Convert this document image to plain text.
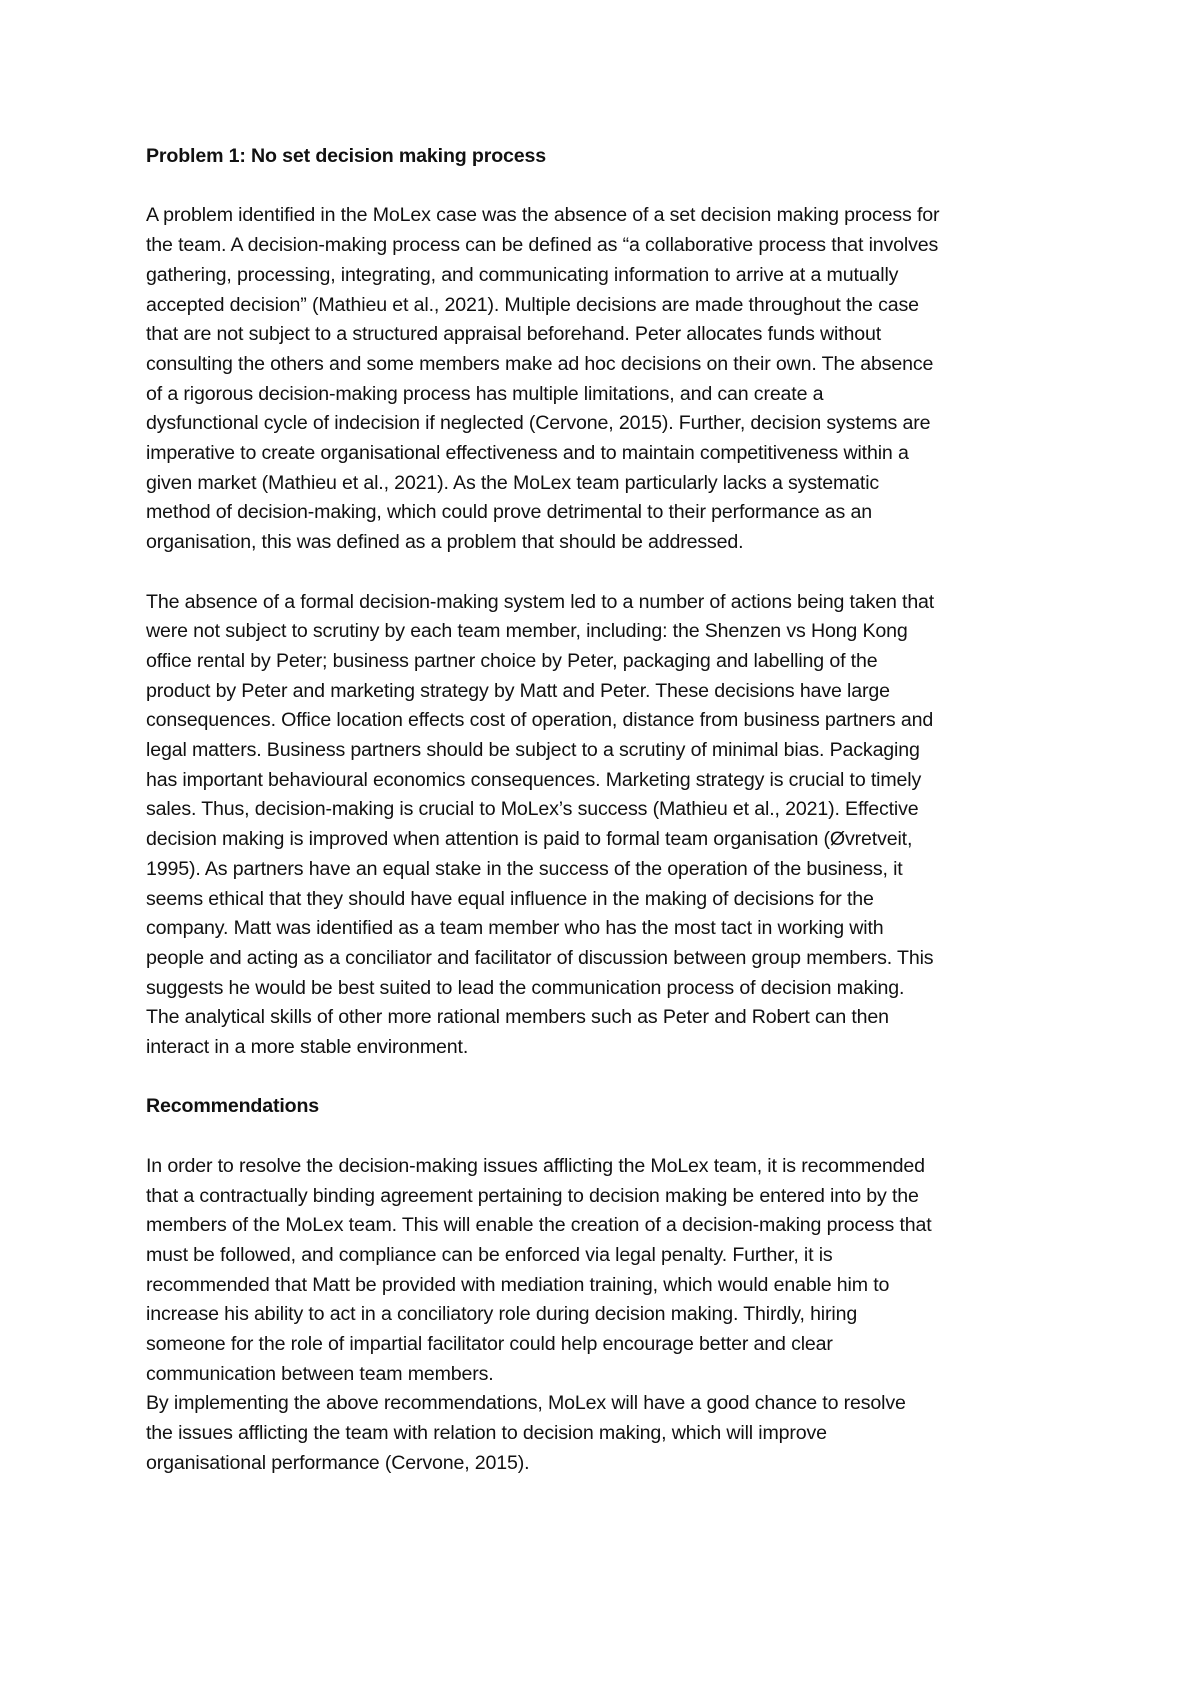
Problem 1: No set decision making process
A problem identified in the MoLex case was the absence of a set decision making process for
the team. A decision-making process can be defined as “a collaborative process that involves
gathering, processing, integrating, and communicating information to arrive at a mutually
accepted decision” (Mathieu et al., 2021). Multiple decisions are made throughout the case
that are not subject to a structured appraisal beforehand. Peter allocates funds without
consulting the others and some members make ad hoc decisions on their own. The absence
of a rigorous decision-making process has multiple limitations, and can create a
dysfunctional cycle of indecision if neglected (Cervone, 2015). Further, decision systems are
imperative to create organisational effectiveness and to maintain competitiveness within a
given market (Mathieu et al., 2021). As the MoLex team particularly lacks a systematic
method of decision-making, which could prove detrimental to their performance as an
organisation, this was defined as a problem that should be addressed.
The absence of a formal decision-making system led to a number of actions being taken that
were not subject to scrutiny by each team member, including: the Shenzen vs Hong Kong
office rental by Peter; business partner choice by Peter, packaging and labelling of the
product by Peter and marketing strategy by Matt and Peter. These decisions have large
consequences. Office location effects cost of operation, distance from business partners and
legal matters. Business partners should be subject to a scrutiny of minimal bias. Packaging
has important behavioural economics consequences. Marketing strategy is crucial to timely
sales. Thus, decision-making is crucial to MoLex’s success (Mathieu et al., 2021). Effective
decision making is improved when attention is paid to formal team organisation (Øvretveit,
1995). As partners have an equal stake in the success of the operation of the business, it
seems ethical that they should have equal influence in the making of decisions for the
company. Matt was identified as a team member who has the most tact in working with
people and acting as a conciliator and facilitator of discussion between group members. This
suggests he would be best suited to lead the communication process of decision making.
The analytical skills of other more rational members such as Peter and Robert can then
interact in a more stable environment.
Recommendations
In order to resolve the decision-making issues afflicting the MoLex team, it is recommended
that a contractually binding agreement pertaining to decision making be entered into by the
members of the MoLex team. This will enable the creation of a decision-making process that
must be followed, and compliance can be enforced via legal penalty. Further, it is
recommended that Matt be provided with mediation training, which would enable him to
increase his ability to act in a conciliatory role during decision making. Thirdly, hiring
someone for the role of impartial facilitator could help encourage better and clear
communication between team members.
By implementing the above recommendations, MoLex will have a good chance to resolve
the issues afflicting the team with relation to decision making, which will improve
organisational performance (Cervone, 2015).
